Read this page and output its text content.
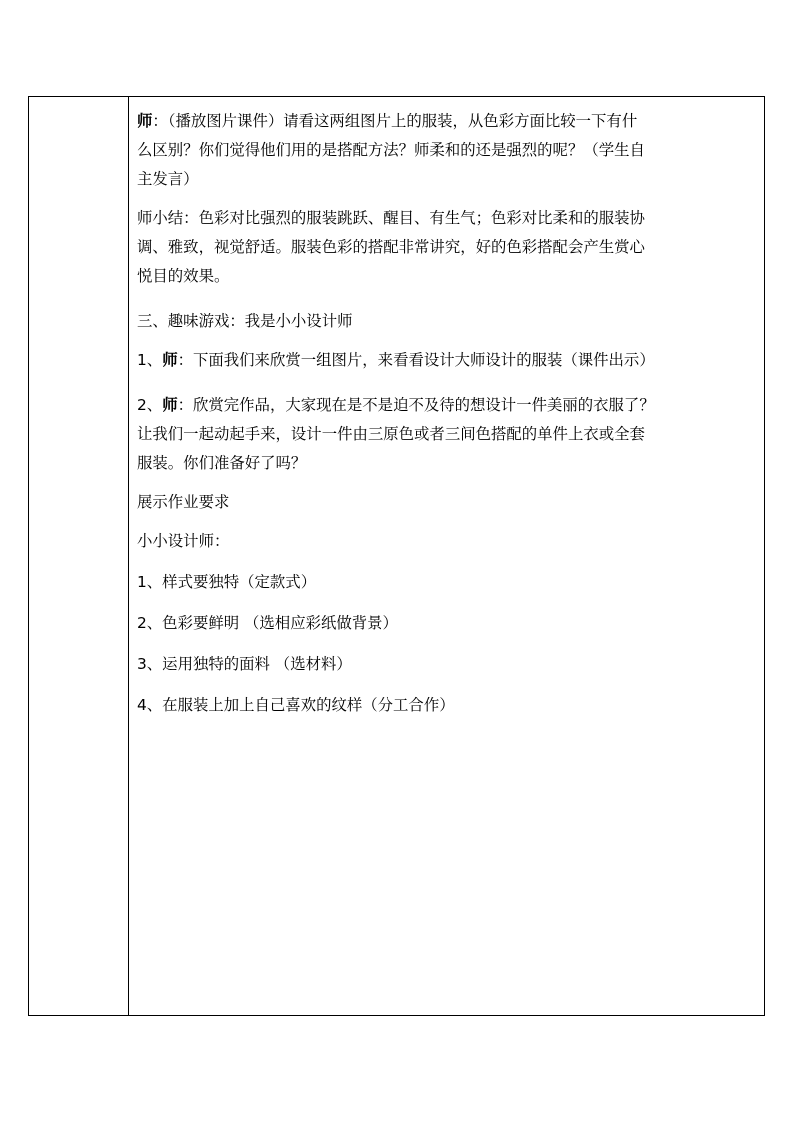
师：（播放图片课件）请看这两组图片上的服装，从色彩方面比较一下有什

么区别？你们觉得他们用的是搭配方法？师柔和的还是强烈的呢？（学生自

主发言）

师小结：色彩对比强烈的服装跳跃、醒目、有生气；色彩对比柔和的服装协

调、雅致，视觉舒适。服装色彩的搭配非常讲究，好的色彩搭配会产生赏心

悦目的效果。

三、趣味游戏：我是小小设计师

1、师：下面我们来欣赏一组图片，来看看设计大师设计的服装（课件出示）

2、师：欣赏完作品，大家现在是不是迫不及待的想设计一件美丽的衣服了？

让我们一起动起手来，设计一件由三原色或者三间色搭配的单件上衣或全套

服装。你们准备好了吗？

展示作业要求

小小设计师：

1、样式要独特（定款式）

2、色彩要鲜明 （选相应彩纸做背景）

3、运用独特的面料 （选材料）

4、在服装上加上自己喜欢的纹样（分工合作）
